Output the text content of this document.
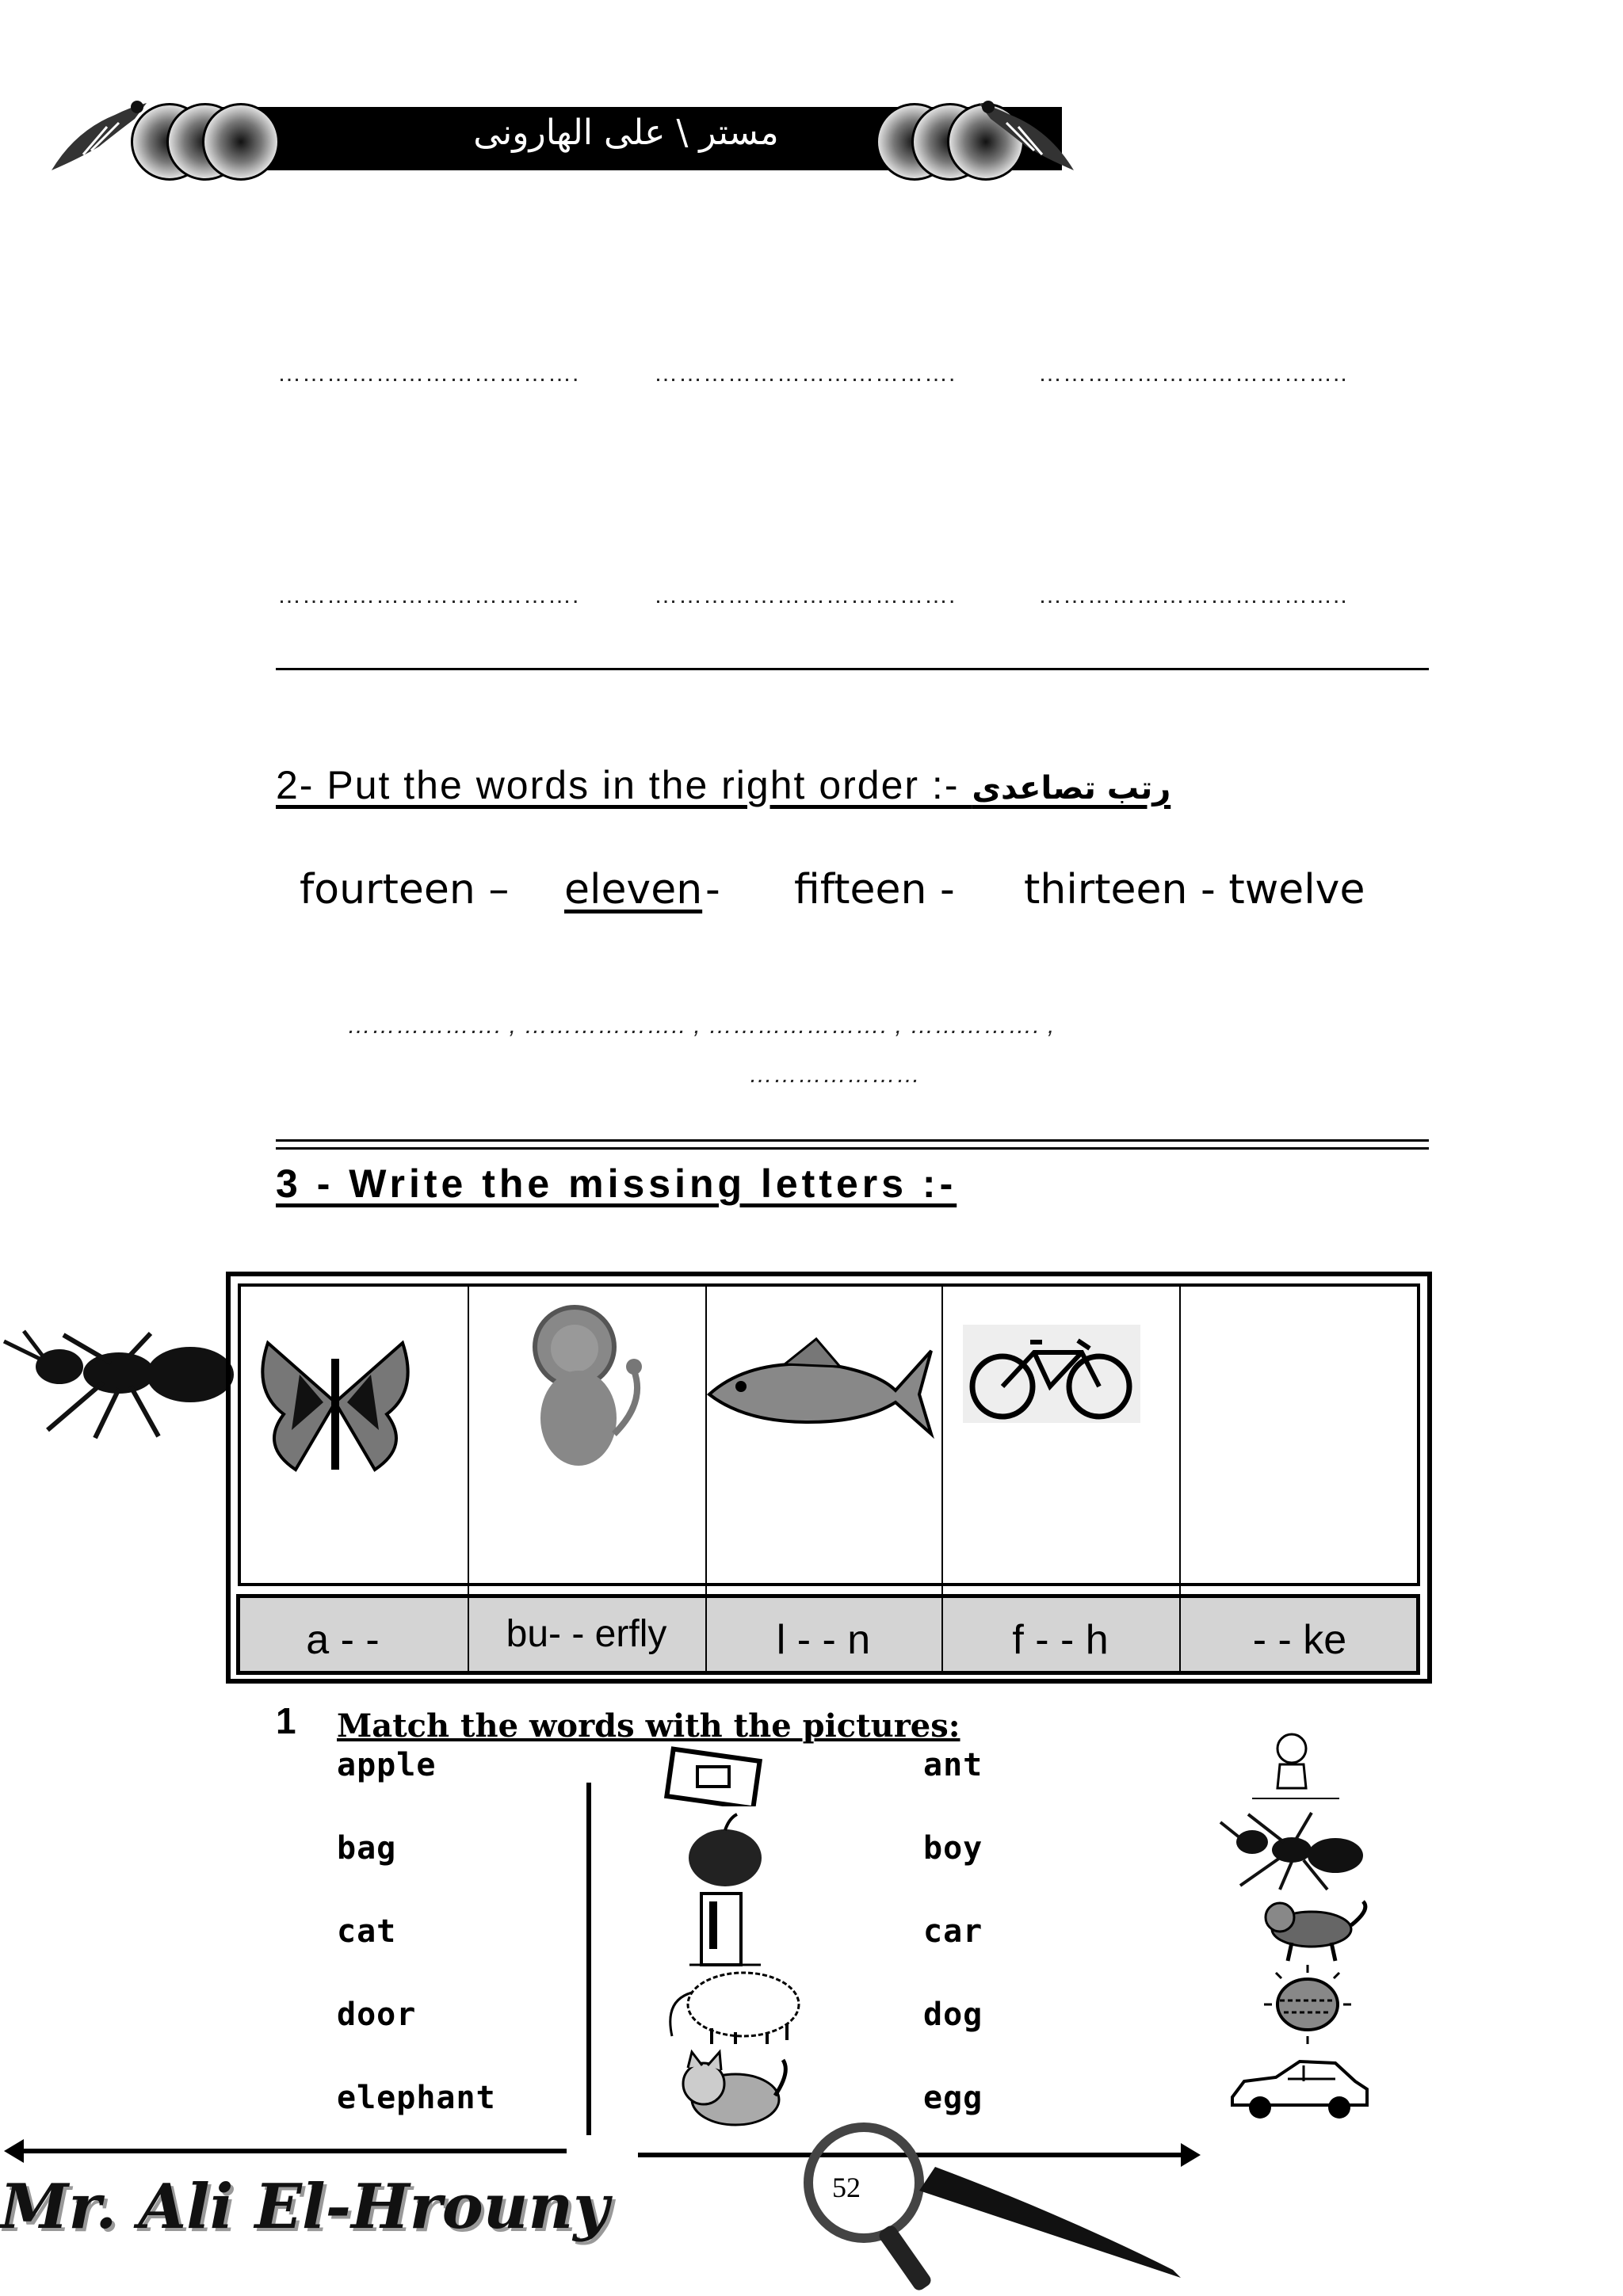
مستر \ على الهارونى
……………………………….	……………………………….	………………………………..
……………………………….	……………………………….	………………………………..
2- Put the words in the right order :- رتب تصاعدى
fourteen – eleven - fifteen - thirteen - twelve
………………. , ……………….. , …………………. , ……………. ,
…………………
3 - Write the missing letters :-
a - -	bu- - erfly	l - - n	f - - h	- - ke
1 Match the words with the pictures:
apple
bag
cat
door
elephant
ant
boy
car
dog
egg
Mr. Ali El-Hrouny	52
